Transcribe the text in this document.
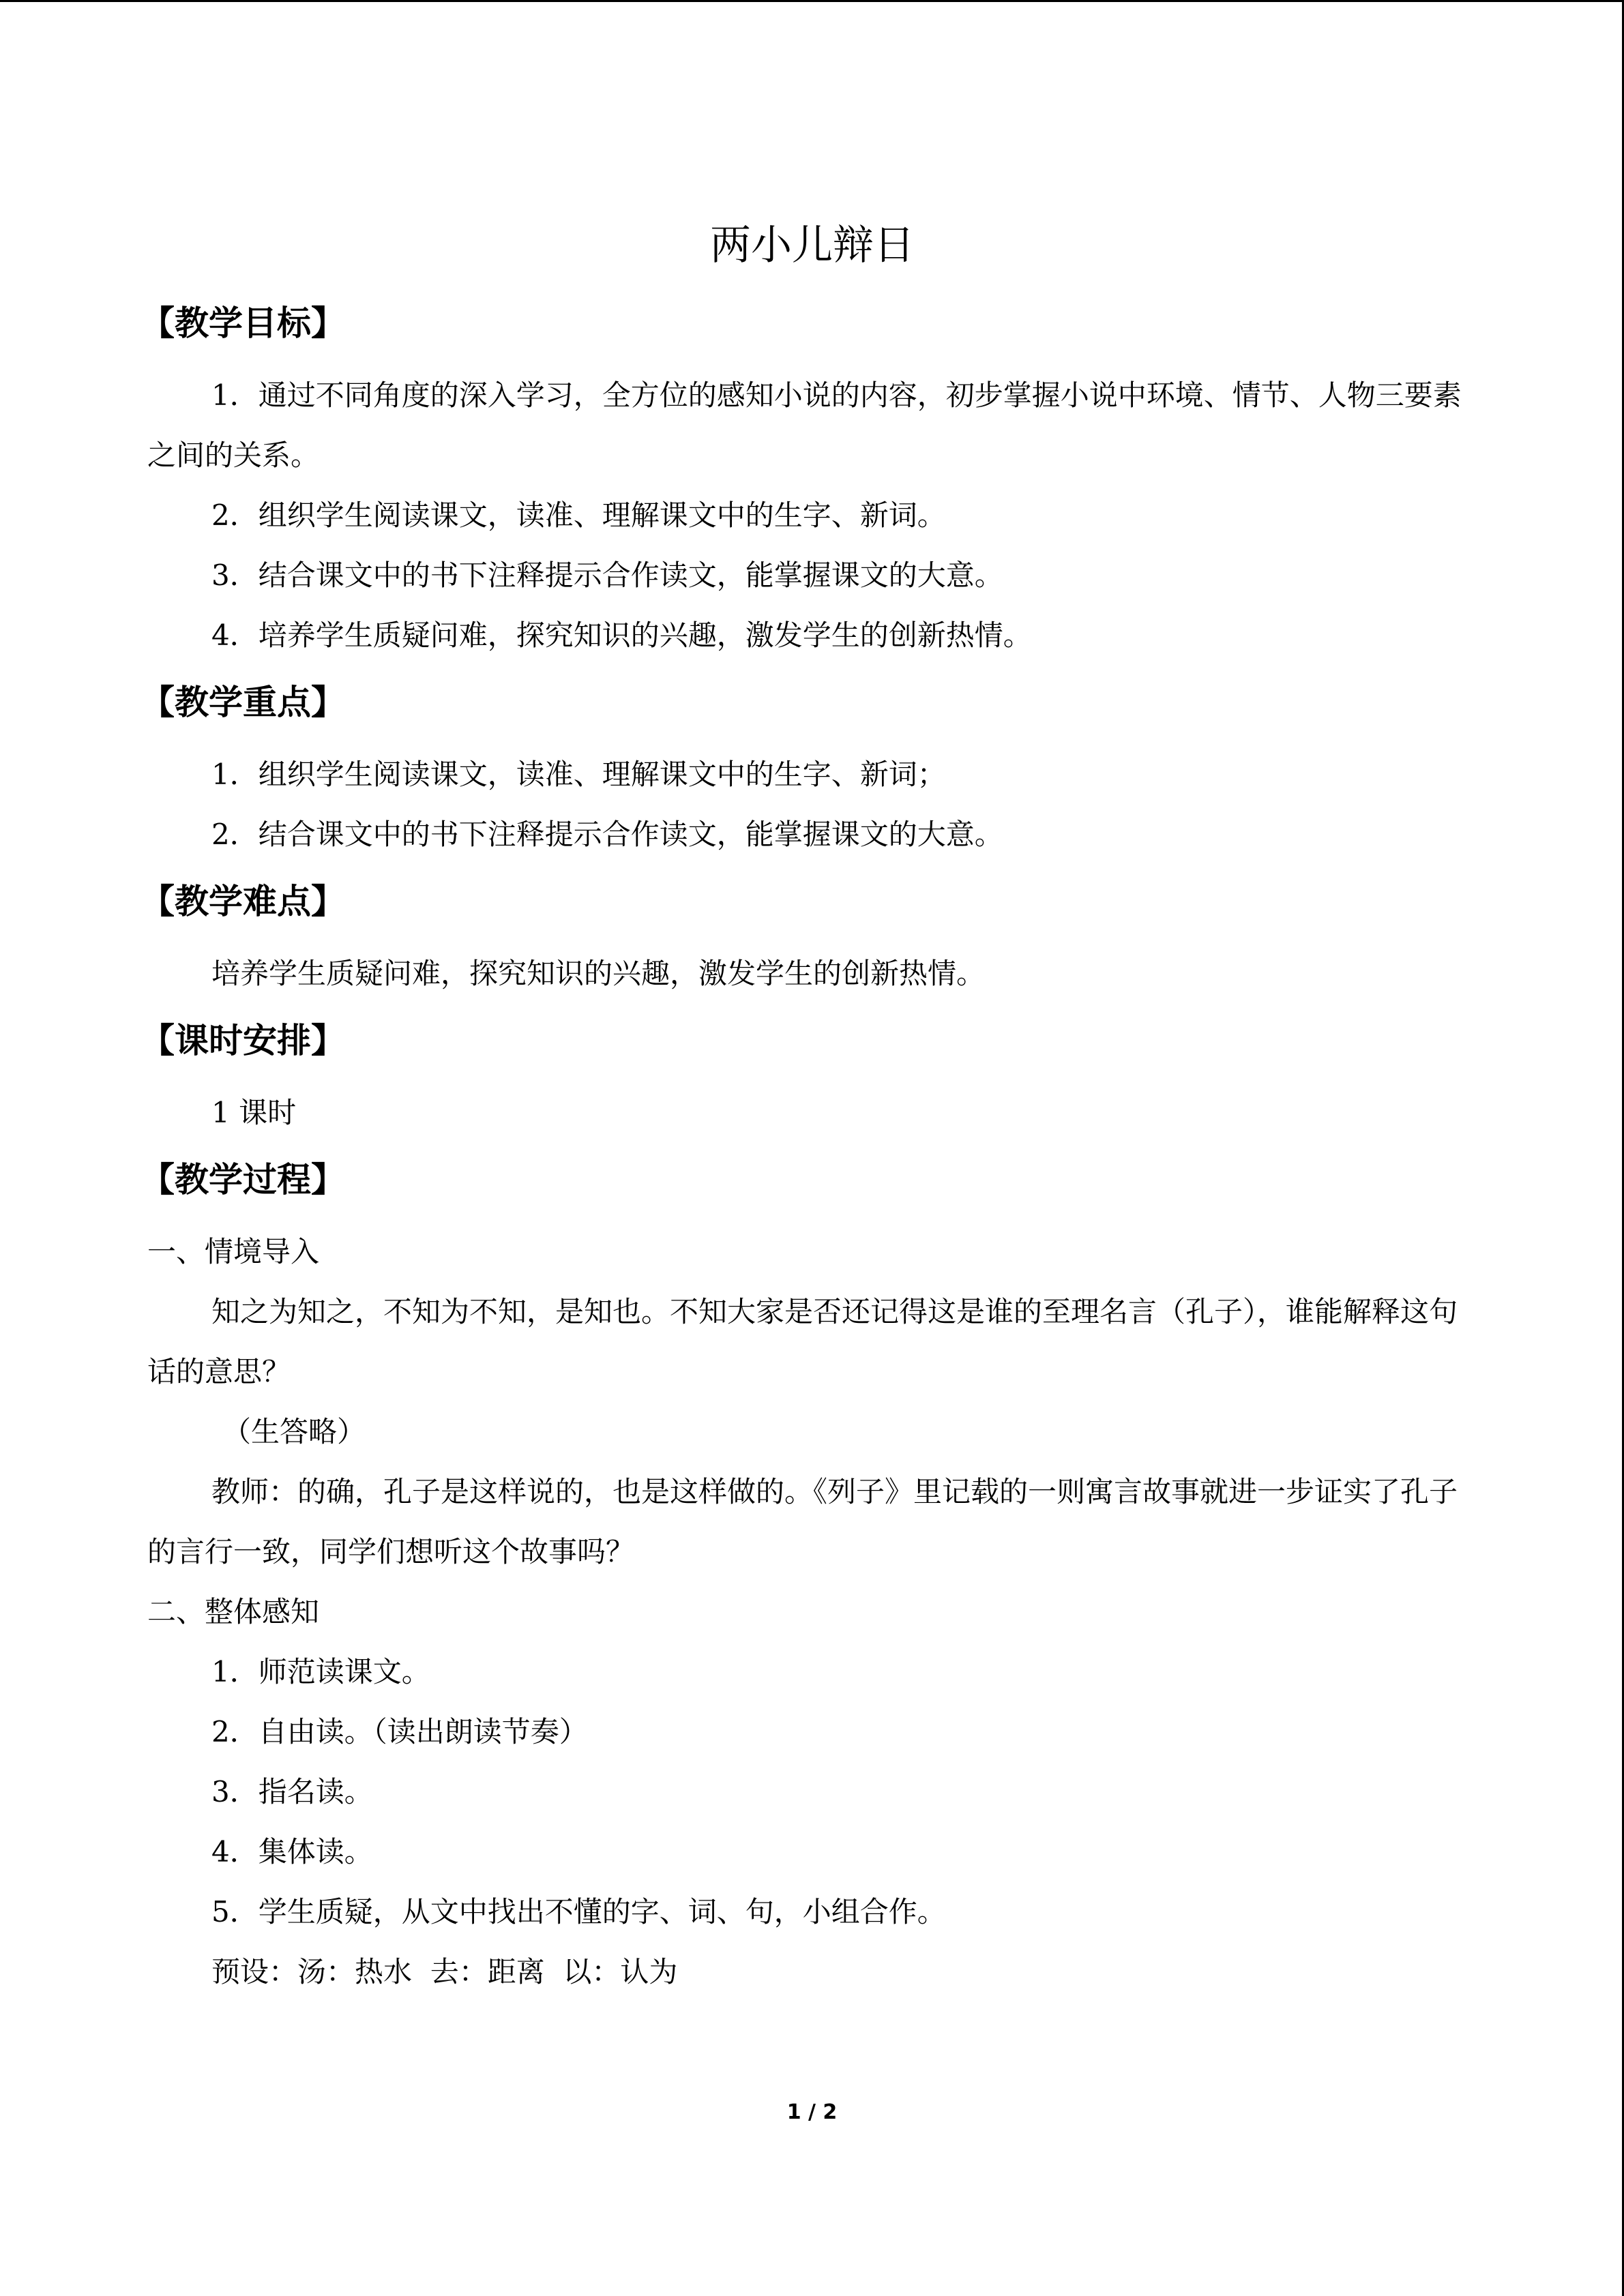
两小儿辩日
【教学目标】

1．通过不同角度的深入学习，全方位的感知小说的内容，初步掌握小说中环境、情节、人物三要素之间的关系。

2．组织学生阅读课文，读准、理解课文中的生字、新词。

3．结合课文中的书下注释提示合作读文，能掌握课文的大意。

4．培养学生质疑问难，探究知识的兴趣，激发学生的创新热情。

【教学重点】

1．组织学生阅读课文，读准、理解课文中的生字、新词；

2．结合课文中的书下注释提示合作读文，能掌握课文的大意。

【教学难点】

培养学生质疑问难，探究知识的兴趣，激发学生的创新热情。

【课时安排】

1 课时

【教学过程】

一、情境导入

知之为知之，不知为不知，是知也。不知大家是否还记得这是谁的至理名言（孔子），谁能解释这句话的意思？

（生答略）

教师：的确，孔子是这样说的，也是这样做的。《列子》里记载的一则寓言故事就进一步证实了孔子的言行一致，同学们想听这个故事吗？

二、整体感知

1．师范读课文。

2．自由读。（读出朗读节奏）

3．指名读。

4．集体读。

5．学生质疑，从文中找出不懂的字、词、句，小组合作。

预设：汤：热水  去：距离  以：认为

1 / 2
